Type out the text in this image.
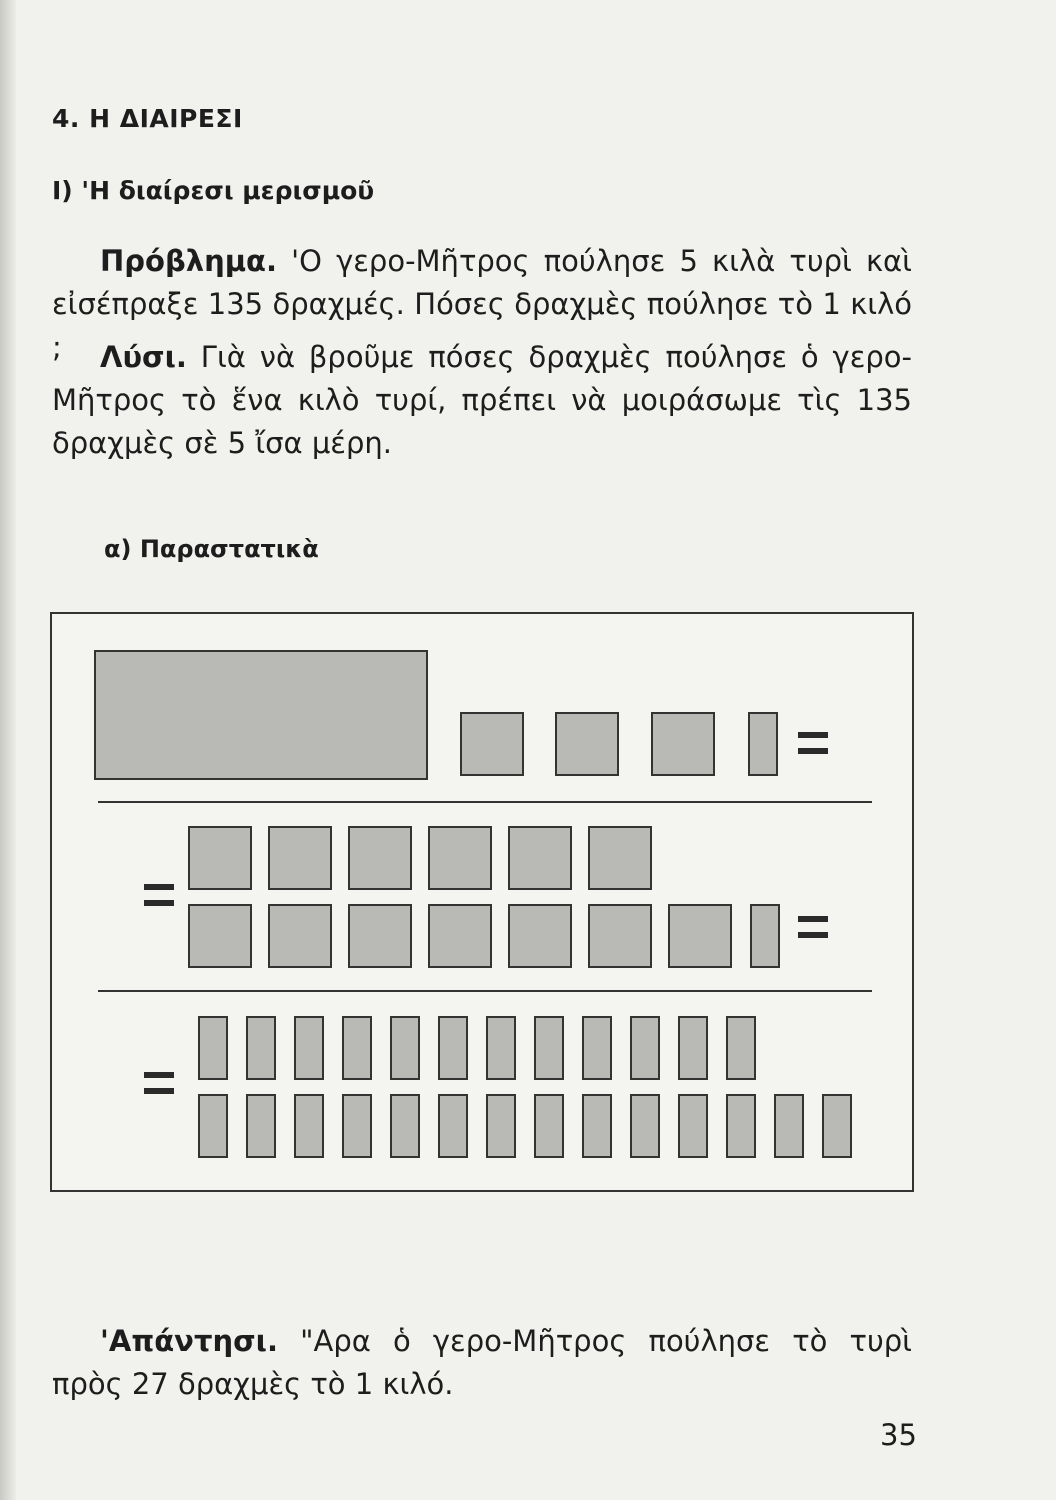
4. Η ΔΙΑΙΡΕΣΙ
Ι) 'Η διαίρεσι μερισμοῦ
Πρόβλημα. 'Ο γερο-Μῆτρος πούλησε 5 κιλὰ τυρὶ καὶ εἰσέπραξε 135 δραχμές. Πόσες δραχμὲς πούλησε τὸ 1 κιλό ;	Λύσι. Γιὰ νὰ βροῦμε πόσες δραχμὲς πούλησε ὁ γερο-Μῆτρος τὸ ἕνα κιλὸ τυρί, πρέπει νὰ μοιράσωμε τὶς 135 δραχμὲς σὲ 5 ἴσα μέρη.
α) Παραστατικὰ
'Απάντησι. "Αρα ὁ γερο-Μῆτρος πούλησε τὸ τυρὶ πρὸς 27 δραχμὲς τὸ 1 κιλό.
35
